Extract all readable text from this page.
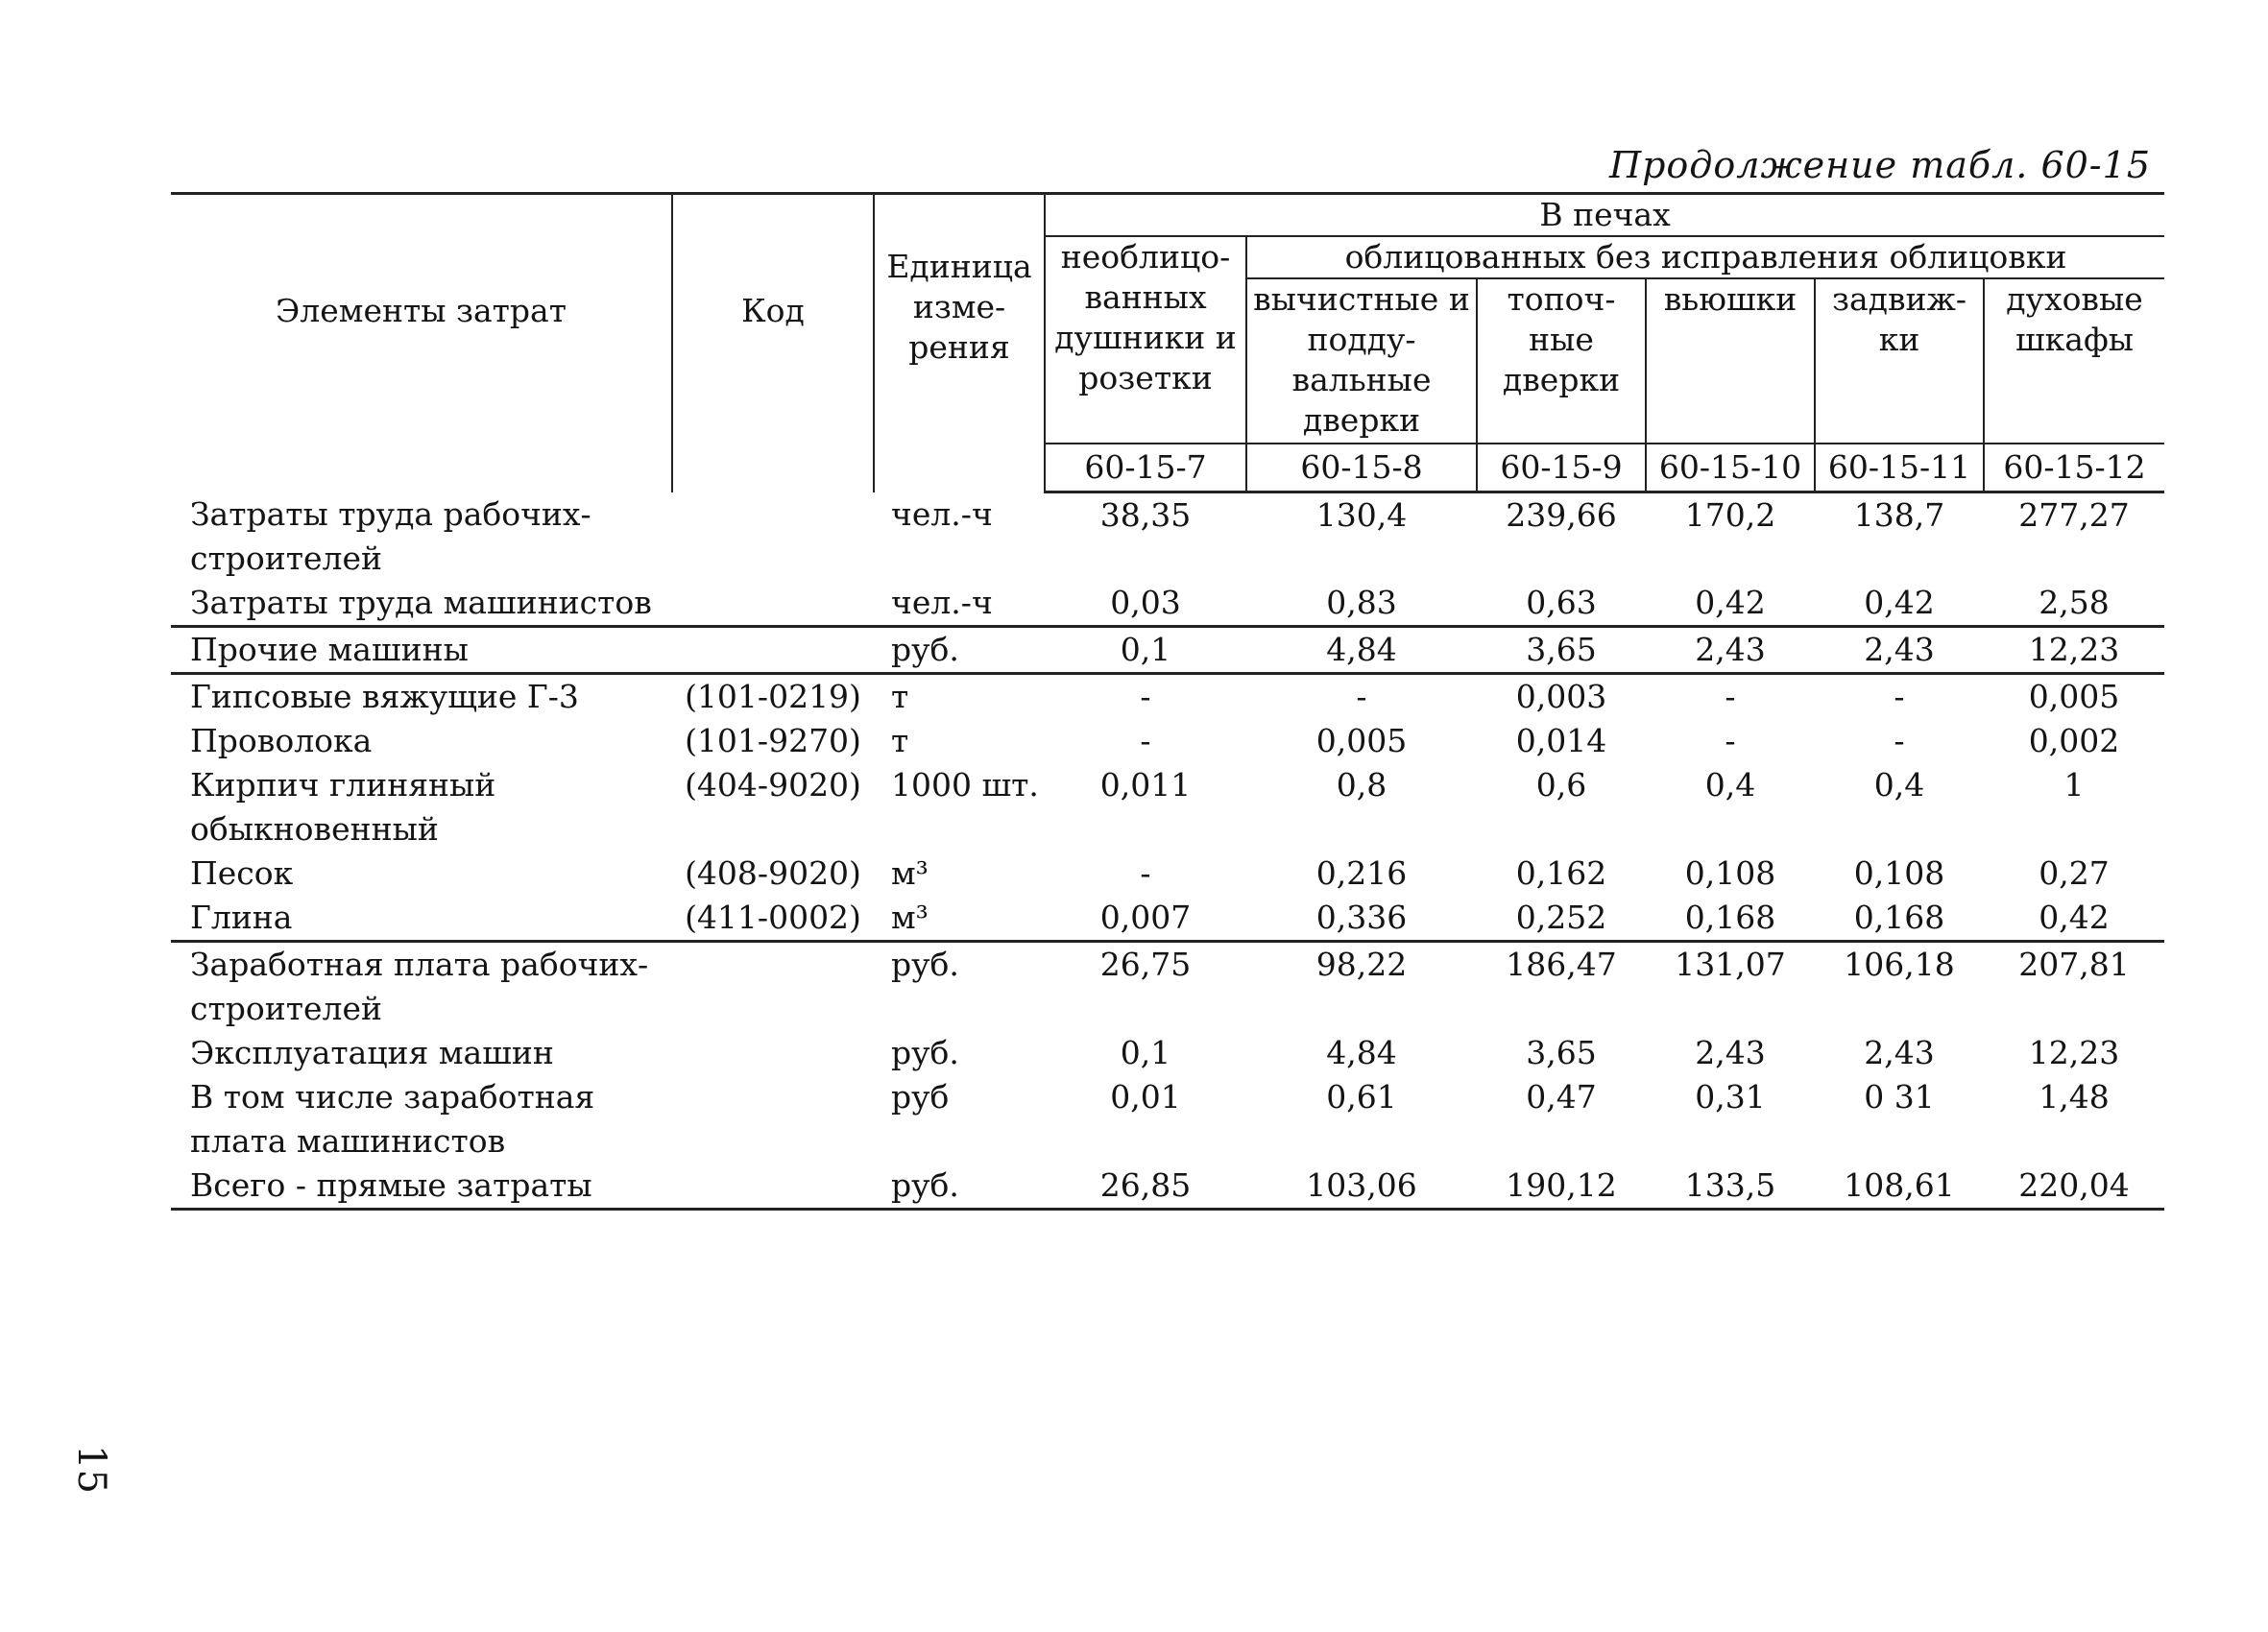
Продолжение табл. 60-15
Элементы затрат	Код	Единица изме- рения	В печах					
			необлицо- ванных душники и розетки	облицованных без исправления облицовки				
				вычистные и подду- вальные дверки	топоч- ные дверки	вьюшки	задвиж- ки	духовые шкафы
			60-15-7	60-15-8	60-15-9	60-15-10	60-15-11	60-15-12
Затраты труда рабочих- строителей		чел.-ч	38,35	130,4	239,66	170,2	138,7	277,27
Затраты труда машинистов		чел.-ч	0,03	0,83	0,63	0,42	0,42	2,58
Прочие машины		руб.	0,1	4,84	3,65	2,43	2,43	12,23
Гипсовые вяжущие Г-3	(101-0219)	т	-	-	0,003	-	-	0,005
Проволока	(101-9270)	т	-	0,005	0,014	-	-	0,002
Кирпич глиняный обыкновенный	(404-9020)	1000 шт.	0,011	0,8	0,6	0,4	0,4	1
Песок	(408-9020)	м³	-	0,216	0,162	0,108	0,108	0,27
Глина	(411-0002)	м³	0,007	0,336	0,252	0,168	0,168	0,42
Заработная плата рабочих-строителей		руб.	26,75	98,22	186,47	131,07	106,18	207,81
Эксплуатация машин		руб.	0,1	4,84	3,65	2,43	2,43	12,23
В том числе заработная плата машинистов		руб	0,01	0,61	0,47	0,31	0 31	1,48
Всего - прямые затраты		руб.	26,85	103,06	190,12	133,5	108,61	220,04
15
